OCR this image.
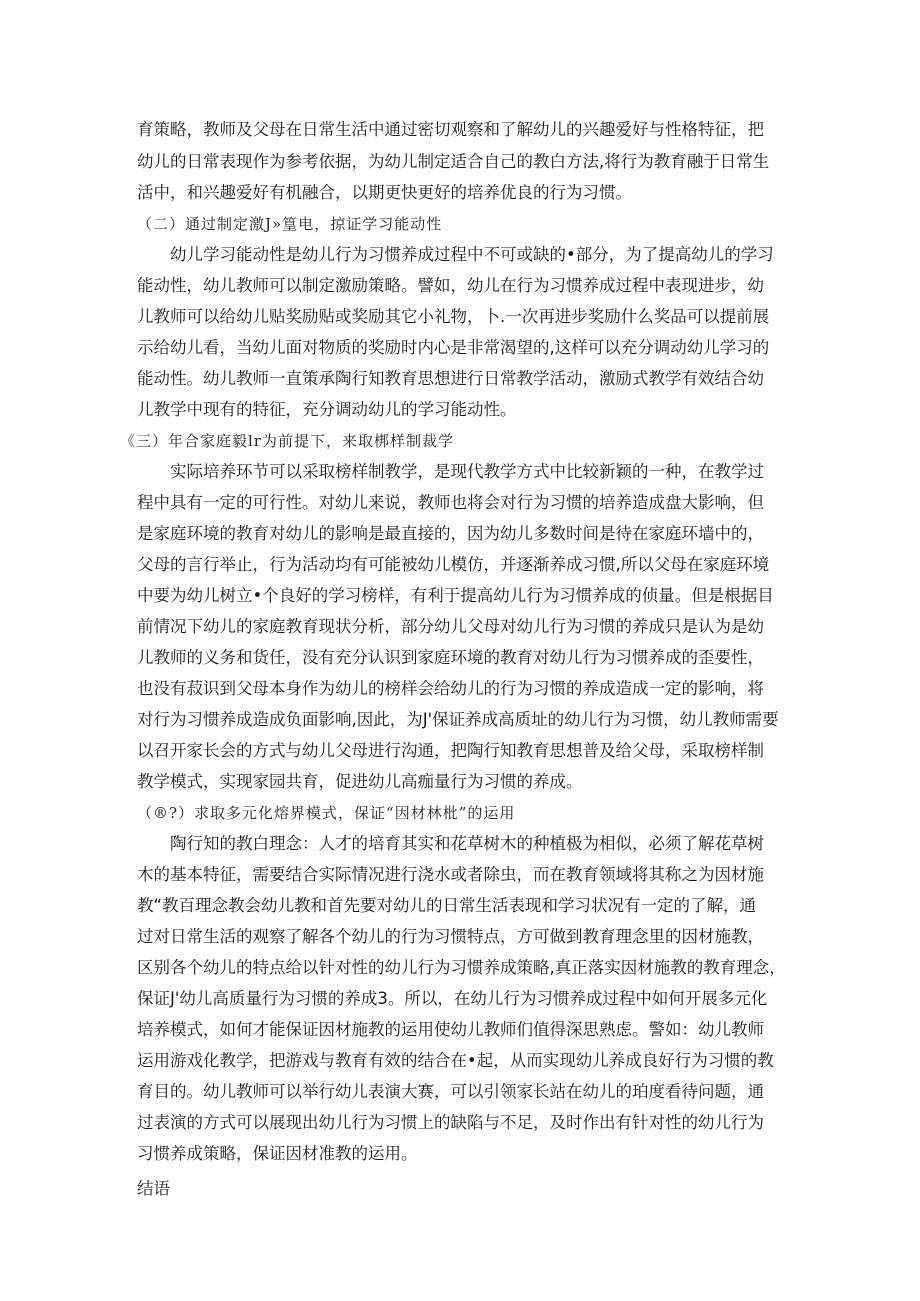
育策略，教师及父母在日常生活中通过密切观察和了解幼儿的兴趣爱好与性格特征，把
幼儿的日常表现作为参考依据，为幼儿制定适合自己的教白方法,将行为教育融于日常生
活中，和兴趣爱好有机融合，以期更快更好的培养优良的行为习惯。
（二）通过制定激J»篁电，掠证学习能动性
幼儿学习能动性是幼儿行为习惯养成过程中不可或缺的•部分，为了提高幼儿的学习
能动性，幼儿教师可以制定激励策略。譬如，幼儿在行为习惯养成过程中表现进步，幼
儿教师可以给幼儿贴奖励贴或奖励其它小礼物，卜.一次再进步奖励什么奖品可以提前展
示给幼儿看，当幼儿面对物质的奖励时内心是非常渴望的,这样可以充分调动幼儿学习的
能动性。幼儿教师一直策承陶行知教育思想进行日常教学活动，激励式教学有效结合幼
儿教学中现有的特征，充分调动幼儿的学习能动性。
《三）年合家庭毅lr为前提下，来取梆样制裁学
实际培养环节可以采取榜样制教学，是现代教学方式中比较新颖的一种，在教学过
程中具有一定的可行性。对幼儿来说，教师也将会对行为习惯的培养造成盘大影响，但
是家庭环境的教育对幼儿的影响是最直接的，因为幼儿多数时间是待在家庭环墙中的，
父母的言行举止，行为活动均有可能被幼儿模仿，并逐渐养成习惯,所以父母在家庭环境
中要为幼儿树立•个良好的学习榜样，有利于提高幼儿行为习惯养成的侦量。但是根据目
前情况下幼儿的家庭教育现状分析，部分幼儿父母对幼儿行为习惯的养成只是认为是幼
儿教师的义务和货任，没有充分认识到家庭环境的教育对幼儿行为习惯养成的歪要性，
也没有菽识到父母本身作为幼儿的榜样会给幼儿的行为习惯的养成造成一定的影响，将
对行为习惯养成造成负面影响,因此，为J'保证养成高质址的幼儿行为习惯，幼儿教师需要
以召开家长会的方式与幼儿父母进行沟通，把陶行知教育思想普及给父母，采取榜样制
教学模式，实现家园共育，促进幼儿高痂量行为习惯的养成。
（®?）求取多元化熔界模式，保证“因材林枇”的运用
陶行知的教白理念：人才的培育其实和花草树木的种植极为相似，必须了解花草树
木的基本特征，需要结合实际情况进行浇水或者除虫，而在教育领域将其称之为因材施
教“教百理念教会幼儿教和首先要对幼儿的日常生活表现和学习状况有一定的了解，通
过对日常生活的观察了解各个幼儿的行为习惯特点，方可做到教育理念里的因材施教，
区别各个幼儿的特点给以针对性的幼儿行为习惯养成策略,真正落实因材施教的教育理念，
保证J'幼儿高质量行为习惯的养成3。所以，在幼儿行为习惯养成过程中如何开展多元化
培养模式，如何才能保证因材施教的运用使幼儿教师们值得深思熟虑。警如：幼儿教师
运用游戏化教学，把游戏与教育有效的结合在•起，从而实现幼儿养成良好行为习惯的教
育目的。幼儿教师可以举行幼儿表演大赛，可以引领家长站在幼儿的珀度看待问题，通
过表演的方式可以展现出幼儿行为习惯上的缺陷与不足，及时作出有针对性的幼儿行为
习惯养成策略，保证因材准教的运用。
结语
